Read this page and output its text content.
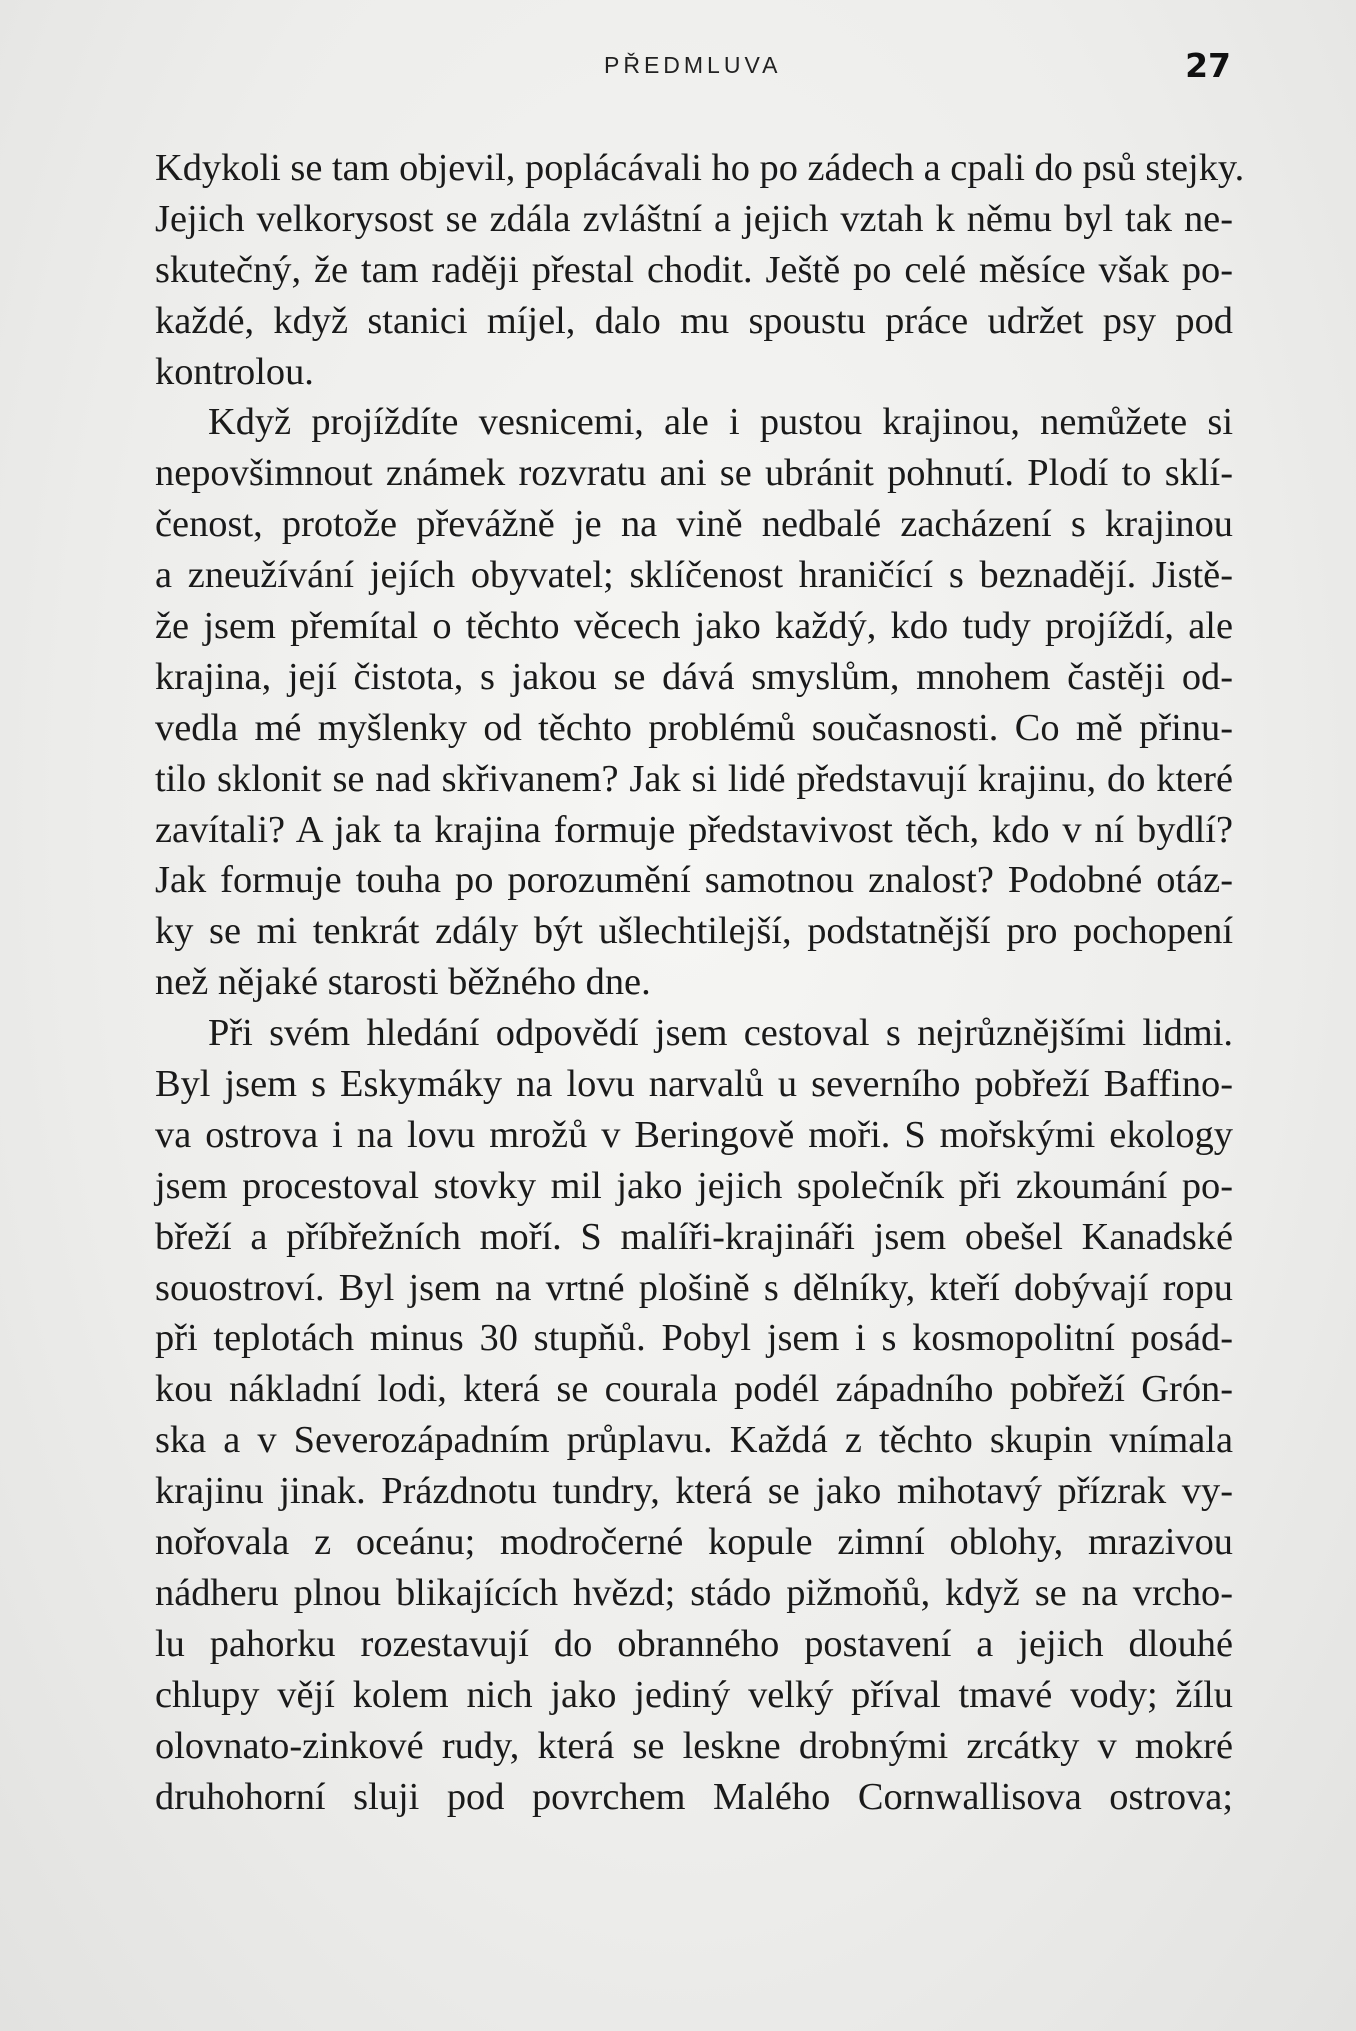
PŘEDMLUVA	27
Kdykoli se tam objevil, poplácávali ho po zádech a cpali do psů stejky.
Jejich velkorysost se zdála zvláštní a jejich vztah k němu byl tak ne-
skutečný, že tam raději přestal chodit. Ještě po celé měsíce však po-
každé, když stanici míjel, dalo mu spoustu práce udržet psy pod
kontrolou.
Když projíždíte vesnicemi, ale i pustou krajinou, nemůžete si
nepovšimnout známek rozvratu ani se ubránit pohnutí. Plodí to sklí-
čenost, protože převážně je na vině nedbalé zacházení s krajinou
a zneužívání jejích obyvatel; sklíčenost hraničící s beznadějí. Jistě-
že jsem přemítal o těchto věcech jako každý, kdo tudy projíždí, ale
krajina, její čistota, s jakou se dává smyslům, mnohem častěji od-
vedla mé myšlenky od těchto problémů současnosti. Co mě přinu-
tilo sklonit se nad skřivanem? Jak si lidé představují krajinu, do které
zavítali? A jak ta krajina formuje představivost těch, kdo v ní bydlí?
Jak formuje touha po porozumění samotnou znalost? Podobné otáz-
ky se mi tenkrát zdály být ušlechtilejší, podstatnější pro pochopení
než nějaké starosti běžného dne.
Při svém hledání odpovědí jsem cestoval s nejrůznějšími lidmi.
Byl jsem s Eskymáky na lovu narvalů u severního pobřeží Baffino-
va ostrova i na lovu mrožů v Beringově moři. S mořskými ekology
jsem procestoval stovky mil jako jejich společník při zkoumání po-
břeží a příbřežních moří. S malíři-krajináři jsem obešel Kanadské
souostroví. Byl jsem na vrtné plošině s dělníky, kteří dobývají ropu
při teplotách minus 30 stupňů. Pobyl jsem i s kosmopolitní posád-
kou nákladní lodi, která se courala podél západního pobřeží Grón-
ska a v Severozápadním průplavu. Každá z těchto skupin vnímala
krajinu jinak. Prázdnotu tundry, která se jako mihotavý přízrak vy-
nořovala z oceánu; modročerné kopule zimní oblohy, mrazivou
nádheru plnou blikajících hvězd; stádo pižmoňů, když se na vrcho-
lu pahorku rozestavují do obranného postavení a jejich dlouhé
chlupy vějí kolem nich jako jediný velký příval tmavé vody; žílu
olovnato-zinkové rudy, která se leskne drobnými zrcátky v mokré
druhohorní sluji pod povrchem Malého Cornwallisova ostrova;
